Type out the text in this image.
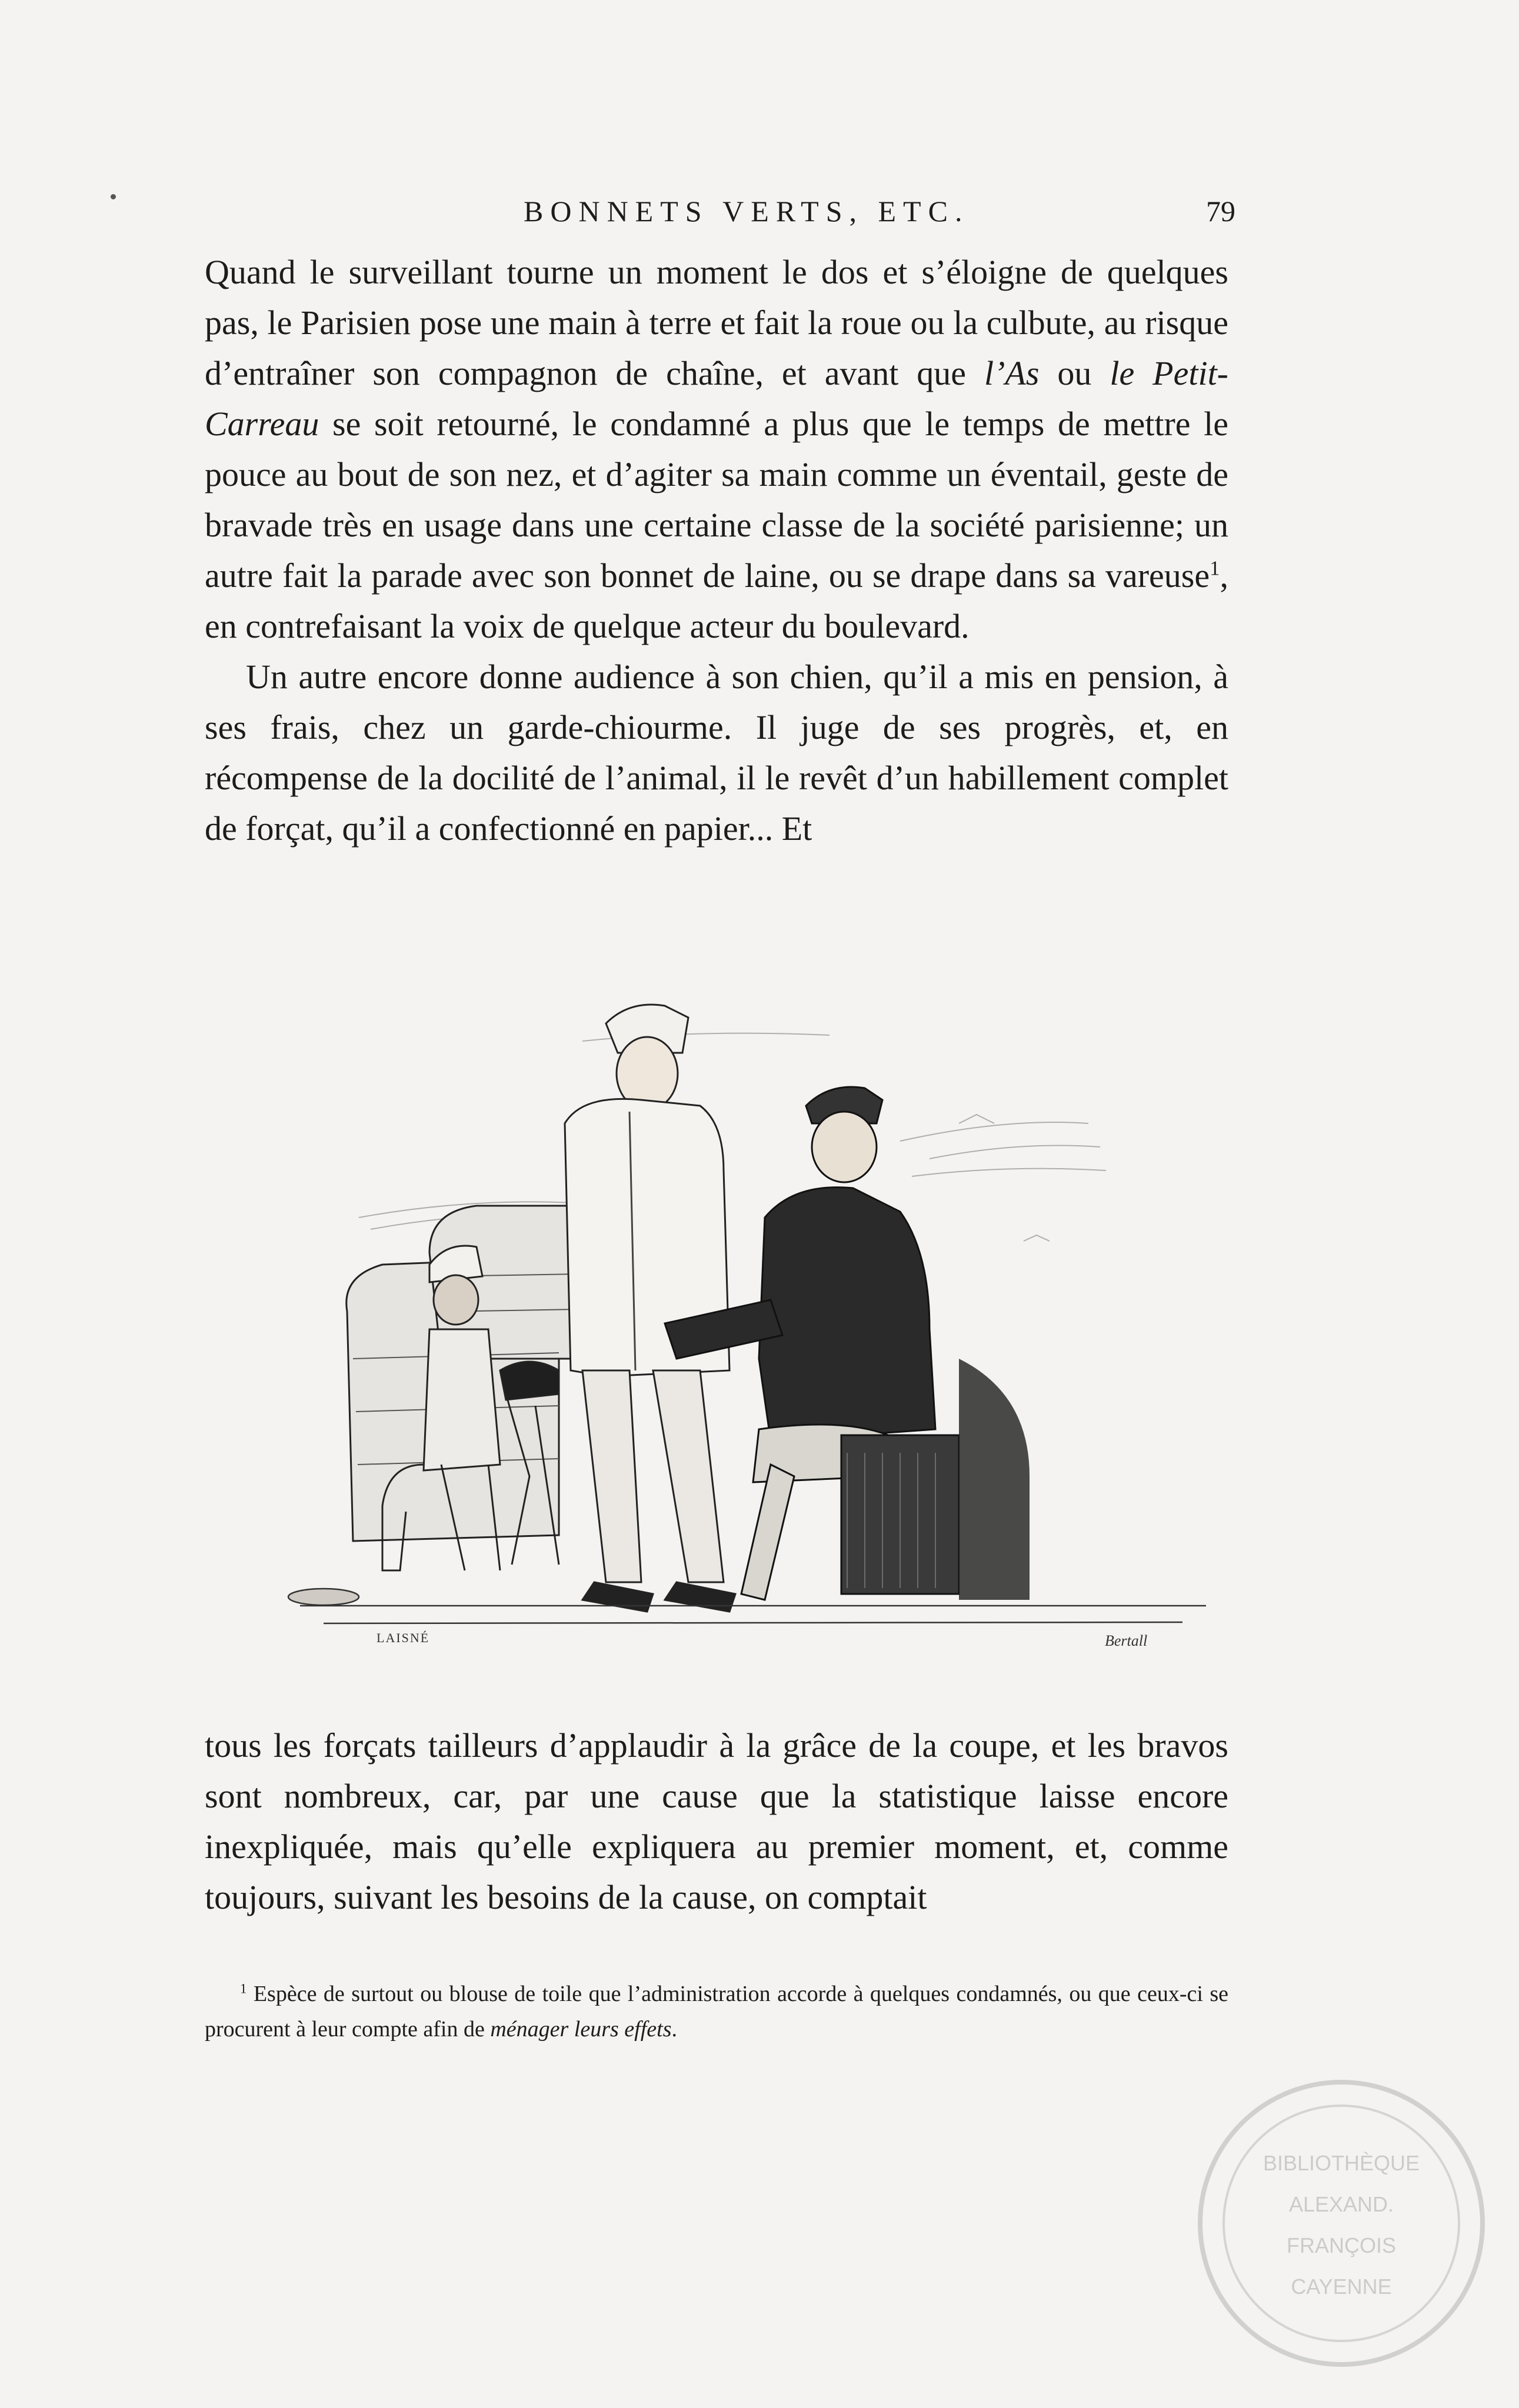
BONNETS VERTS, ETC.	79

Quand le surveillant tourne un moment le dos et s’éloigne de quelques pas, le Parisien pose une main à terre et fait la roue ou la culbute, au risque d’entraîner son compagnon de chaîne, et avant que l’As ou le Petit-Carreau se soit retourné, le condamné a plus que le temps de mettre le pouce au bout de son nez, et d’agiter sa main comme un éventail, geste de bravade très en usage dans une certaine classe de la société parisienne; un autre fait la parade avec son bonnet de laine, ou se drape dans sa vareuse$^1$, en contrefaisant la voix de quelque acteur du boulevard.

Un autre encore donne audience à son chien, qu’il a mis en pension, à ses frais, chez un garde-chiourme. Il juge de ses progrès, et, en récompense de la docilité de l’animal, il le revêt d’un habillement complet de forçat, qu’il a confectionné en papier... Et

LAISNÉ	Bertall

tous les forçats tailleurs d’applaudir à la grâce de la coupe, et les bravos sont nombreux, car, par une cause que la statistique laisse encore inexpliquée, mais qu’elle expliquera au premier moment, et, comme toujours, suivant les besoins de la cause, on comptait

$^1$ Espèce de surtout ou blouse de toile que l’administration accorde à quelques condamnés, ou que ceux-ci se procurent à leur compte afin de ménager leurs effets.

BIBLIOTHÈQUE
ALEXAND.
FRANÇOIS
CAYENNE
